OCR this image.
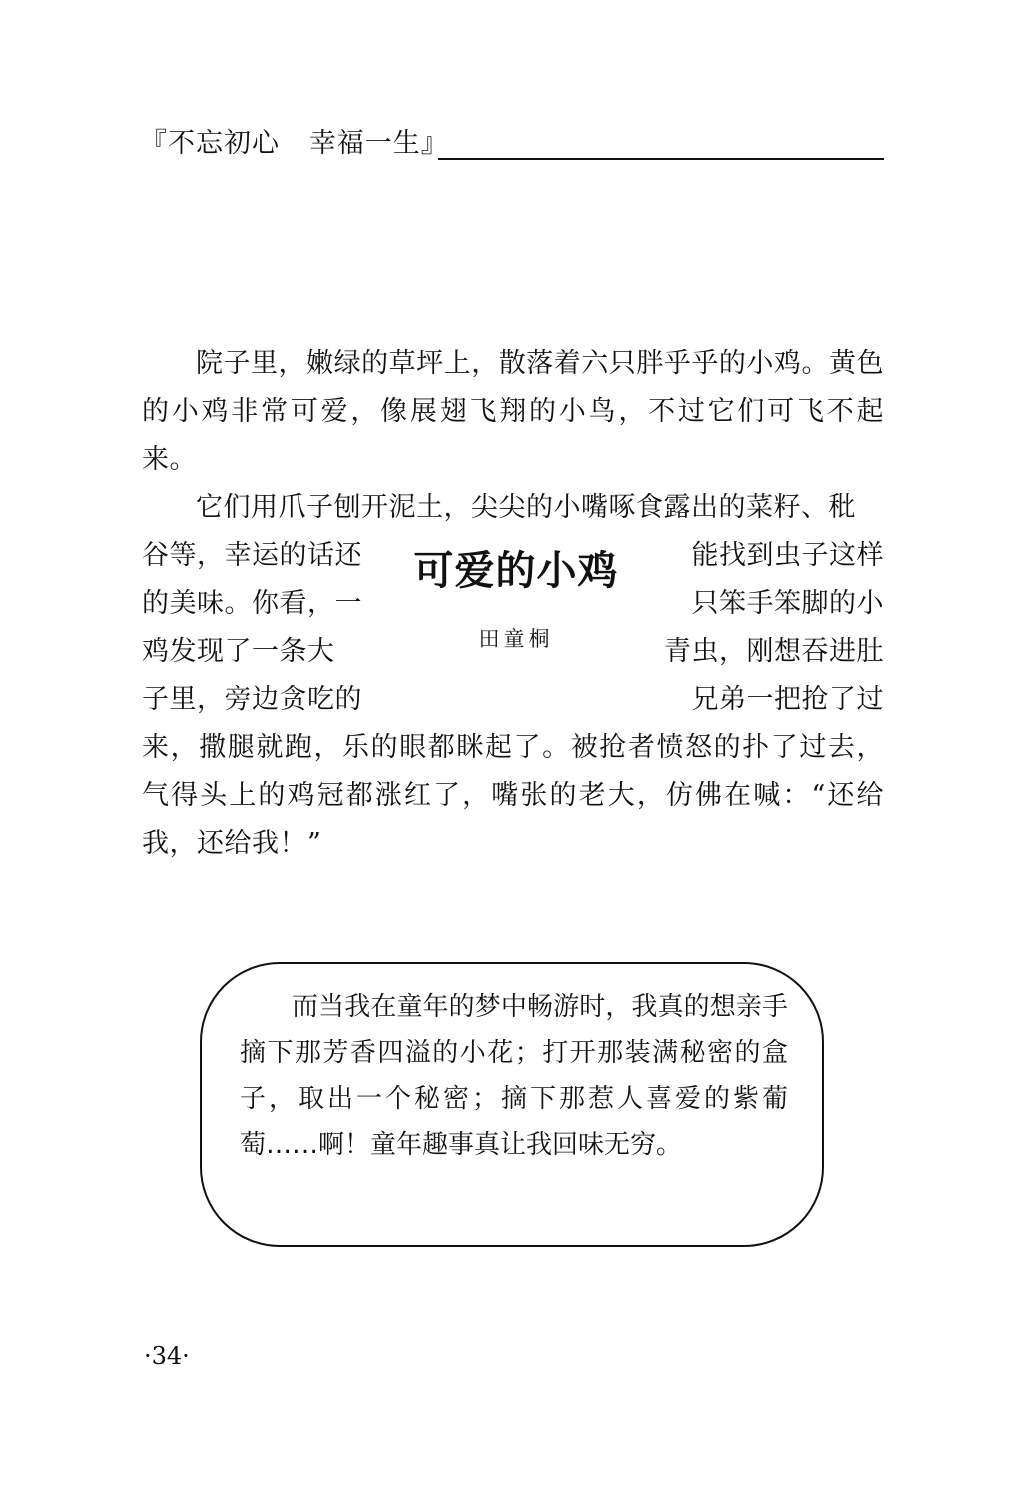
『不忘初心   幸福一生』

院子里，嫩绿的草坪上，散落着六只胖乎乎的小鸡。黄色的小鸡非常可爱，像展翅飞翔的小鸟，不过它们可飞不起来。

它们用爪子刨开泥土，尖尖的小嘴啄食露出的菜籽、秕

谷等，幸运的话还
的美味。你看，一
鸡发现了一条大
子里，旁边贪吃的
能找到虫子这样
只笨手笨脚的小
青虫，刚想吞进肚
兄弟一把抢了过
可爱的小鸡
田童桐

来，撒腿就跑，乐的眼都眯起了。被抢者愤怒的扑了过去，气得头上的鸡冠都涨红了，嘴张的老大，仿佛在喊：“还给我，还给我！”

而当我在童年的梦中畅游时，我真的想亲手摘下那芳香四溢的小花；打开那装满秘密的盒子，取出一个秘密；摘下那惹人喜爱的紫葡萄……啊！童年趣事真让我回味无穷。
·34·
